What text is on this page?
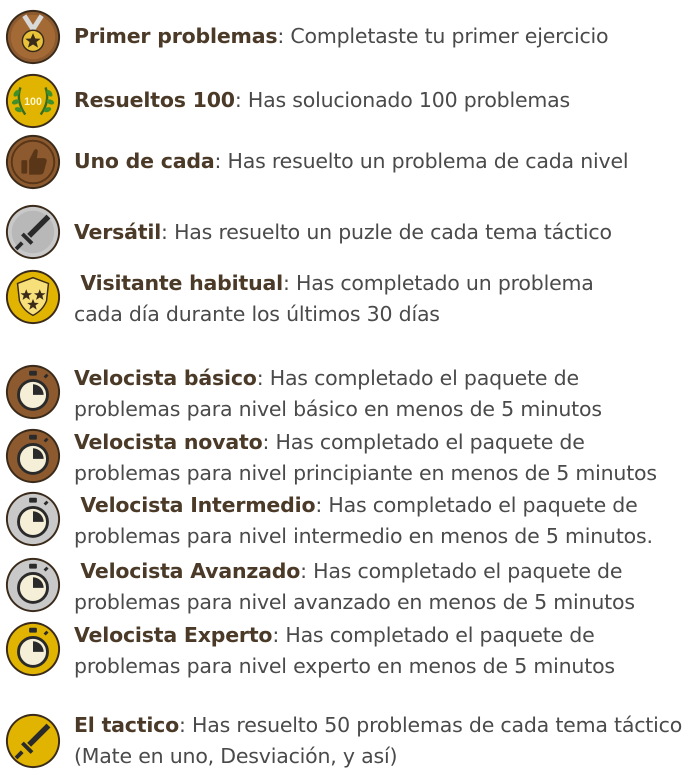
Primer problemas: Completaste tu primer ejercicio
100 Resueltos 100: Has solucionado 100 problemas
Uno de cada: Has resuelto un problema de cada nivel
Versátil: Has resuelto un puzle de cada tema táctico
Visitante habitual: Has completado un problema
cada día durante los últimos 30 días
Velocista básico: Has completado el paquete de
problemas para nivel básico en menos de 5 minutos
Velocista novato: Has completado el paquete de
problemas para nivel principiante en menos de 5 minutos
Velocista Intermedio: Has completado el paquete de
problemas para nivel intermedio en menos de 5 minutos.
Velocista Avanzado: Has completado el paquete de
problemas para nivel avanzado en menos de 5 minutos
Velocista Experto: Has completado el paquete de
problemas para nivel experto en menos de 5 minutos
El tactico: Has resuelto 50 problemas de cada tema táctico
(Mate en uno, Desviación, y así)
